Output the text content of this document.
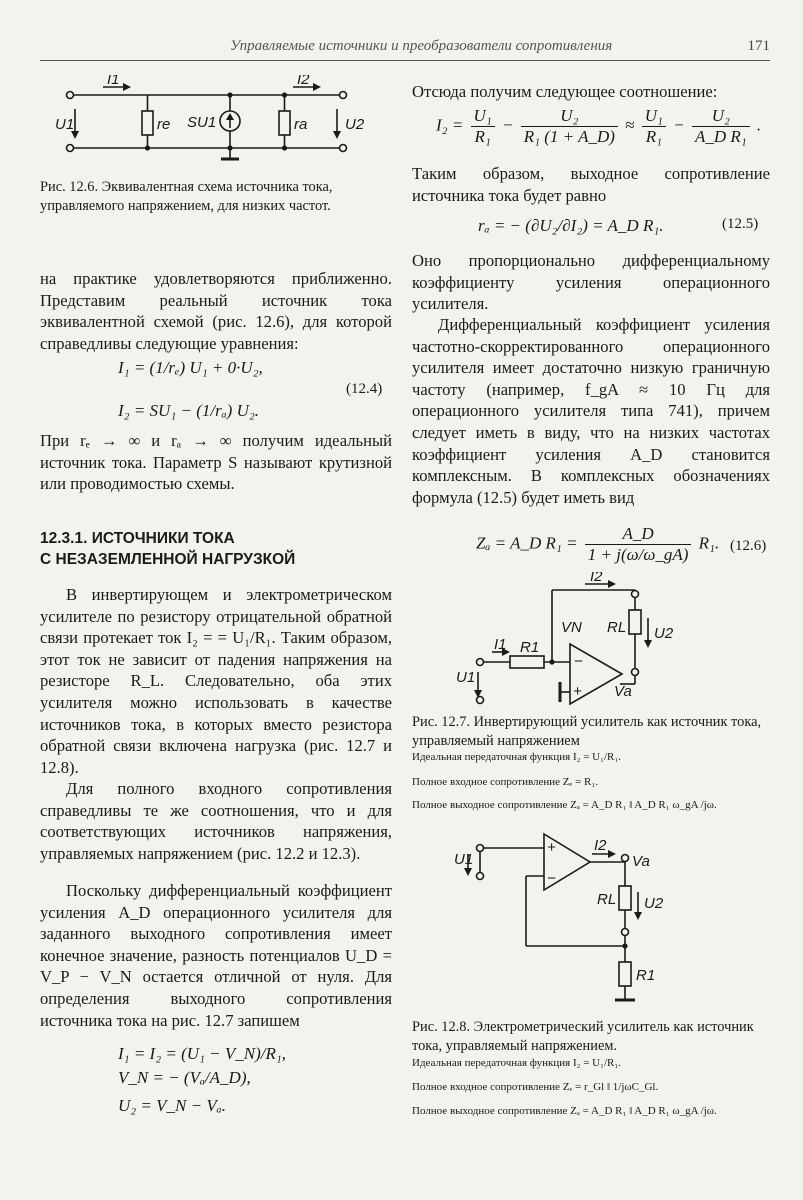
Управляемые источники и преобразователи сопротивления	171
I1	I2
U1	U2
re	ra
SU1
Рис. 12.6. Эквивалентная схема источника тока, управляемого напряжением, для низких частот.
на практике удовлетворяются приближенно. Представим реальный источник тока эквивалентной схемой (рис. 12.6), для которой справедливы следующие уравнения:
I₁ = (1/rₑ) U₁ + 0·U₂,
(12.4)
I₂ = SU₁ − (1/rₐ) U₂.
При rₑ → ∞ и rₐ → ∞ получим идеальный источник тока. Параметр S называют крутизной или проводимостью схемы.
12.3.1. ИСТОЧНИКИ ТОКА
С НЕЗАЗЕМЛЕННОЙ НАГРУЗКОЙ
В инвертирующем и электрометрическом усилителе по резистору отрицательной обратной связи протекает ток I₂ = = U₁/R₁. Таким образом, этот ток не зависит от падения напряжения на резисторе R_L. Следовательно, оба этих усилителя можно использовать в качестве источников тока, в которых вместо резистора обратной связи включена нагрузка (рис. 12.7 и 12.8).
Для полного входного сопротивления справедливы те же соотношения, что и для соответствующих источников напряжения, управляемых напряжением (рис. 12.2 и 12.3).
Поскольку дифференциальный коэффициент усиления A_D операционного усилителя для заданного выходного сопротивления имеет конечное значение, разность потенциалов U_D = V_P − V_N остается отличной от нуля. Для определения выходного сопротивления источника тока на рис. 12.7 запишем
I₁ = I₂ = (U₁ − V_N)/R₁,
V_N = − (Vₐ/A_D),
U₂ = V_N − Vₐ.
Отсюда получим следующее соотношение:
$I_2 = \frac{\text{U₁}}{\text{R₁}} - \frac{\text{U₂}}{\text{R₁ (1 + A\_D)}} \approx \frac{\text{U₁}}{\text{R₁}} - \frac{\text{U₂}}{\text{A\_D R₁}}$ .
Таким образом, выходное сопротивление источника тока будет равно
rₐ = − (∂U₂/∂I₂) = A_D R₁.	(12.5)
Оно пропорционально дифференциальному коэффициенту усиления операционного усилителя.
Дифференциальный коэффициент усиления частотно-скорректированного операционного усилителя имеет достаточно низкую граничную частоту (например, f_gA ≈ 10 Гц для операционного усилителя типа 741), причем следует иметь в виду, что на низких частотах коэффициент усиления A_D становится комплексным. В комплексных обозначениях формула (12.5) будет иметь вид
Zₐ = A_D $R_1 = \frac{A\_D}{1 + j(\omega/\omega\_gA)} R_1$. (12.6)
I2
VN RL U2
I1 R1
U1
Va
−
+
Рис. 12.7. Инвертирующий усилитель как источник тока, управляемый напряжением
Идеальная передаточная функция I₂ = U₁/R₁.
Полное входное сопротивление Zₑ = R₁.
Полное выходное сопротивление Zₐ = A_D R₁ ‖ A_D R₁ ω_gA /jω.
U1
I2
Va
RL U2
R1
+
−
Рис. 12.8. Электрометрический усилитель как источник тока, управляемый напряжением.
Идеальная передаточная функция I₂ = U₁/R₁.
Полное входное сопротивление Zₑ = r_Gl ‖ 1/jωC_Gl.
Полное выходное сопротивление Zₐ = A_D R₁ ‖ A_D R₁ ω_gA /jω.
